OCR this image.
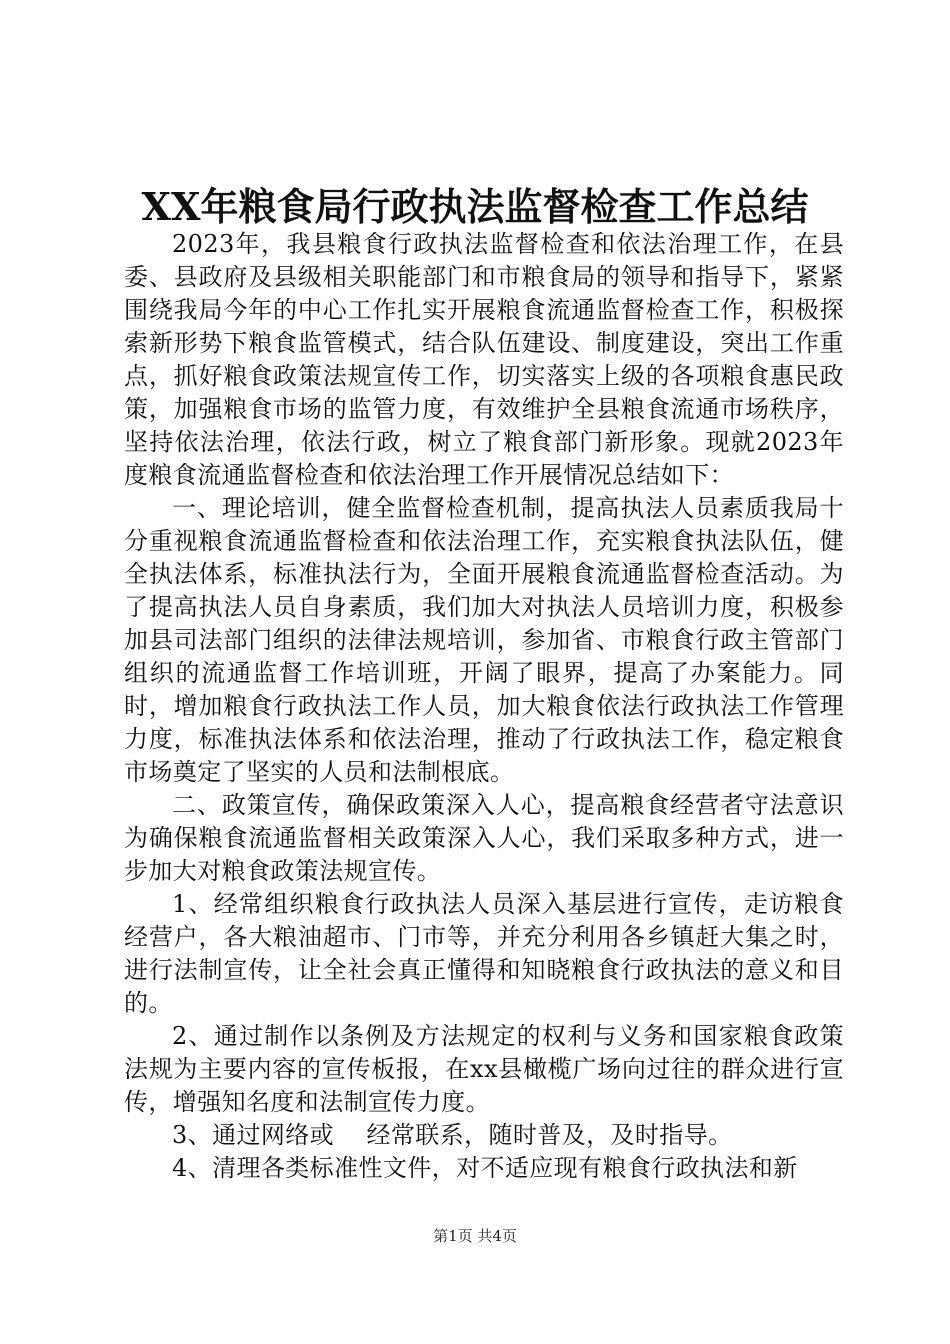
XX年粮食局行政执法监督检查工作总结

2023年，我县粮食行政执法监督检查和依法治理工作，在县委、县政府及县级相关职能部门和市粮食局的领导和指导下，紧紧围绕我局今年的中心工作扎实开展粮食流通监督检查工作，积极探索新形势下粮食监管模式，结合队伍建设、制度建设，突出工作重点，抓好粮食政策法规宣传工作，切实落实上级的各项粮食惠民政策，加强粮食市场的监管力度，有效维护全县粮食流通市场秩序，坚持依法治理，依法行政，树立了粮食部门新形象。现就2023年度粮食流通监督检查和依法治理工作开展情况总结如下：

一、理论培训，健全监督检查机制，提高执法人员素质我局十分重视粮食流通监督检查和依法治理工作，充实粮食执法队伍，健全执法体系，标准执法行为，全面开展粮食流通监督检查活动。为了提高执法人员自身素质，我们加大对执法人员培训力度，积极参加县司法部门组织的法律法规培训，参加省、市粮食行政主管部门组织的流通监督工作培训班，开阔了眼界，提高了办案能力。同时，增加粮食行政执法工作人员，加大粮食依法行政执法工作管理力度，标准执法体系和依法治理，推动了行政执法工作，稳定粮食市场奠定了坚实的人员和法制根底。

二、政策宣传，确保政策深入人心，提高粮食经营者守法意识为确保粮食流通监督相关政策深入人心，我们采取多种方式，进一步加大对粮食政策法规宣传。

1、经常组织粮食行政执法人员深入基层进行宣传，走访粮食经营户，各大粮油超市、门市等，并充分利用各乡镇赶大集之时，进行法制宣传，让全社会真正懂得和知晓粮食行政执法的意义和目的。

2、通过制作以条例及方法规定的权利与义务和国家粮食政策法规为主要内容的宣传板报，在xx县橄榄广场向过往的群众进行宣传，增强知名度和法制宣传力度。

3、通过网络或　 经常联系，随时普及，及时指导。

4、清理各类标准性文件，对不适应现有粮食行政执法和新

第1页 共4页
